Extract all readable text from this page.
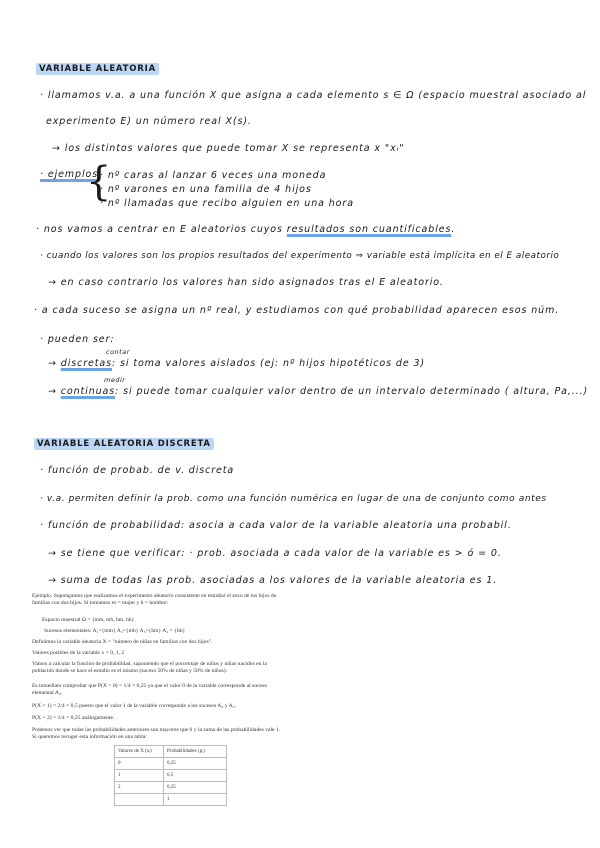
VARIABLE ALEATORIA
· llamamos v.a. a una función X que asigna a cada elemento s ∈ Ω (espacio muestral asociado al
experimento E) un número real X(s).
→ los distintos valores que puede tomar X se representa x "xᵢ"
· ejemplos
{
· nº caras al lanzar 6 veces una moneda
· nº varones en una familia de 4 hijos
· nº llamadas que recibo alguien en una hora
· nos vamos a centrar en E aleatorios cuyos resultados son cuantificables.
· cuando los valores son los propios resultados del experimento ⇒ variable está implícita en el E aleatorio
→ en caso contrario los valores han sido asignados tras el E aleatorio.
· a cada suceso se asigna un nº real, y estudiamos con qué probabilidad aparecen esos núm.
· pueden ser:
contar
→ discretas: si toma valores aislados (ej: nº hijos hipotéticos de 3)
medir
→ continuas: si puede tomar cualquier valor dentro de un intervalo determinado ( altura, Pa,...)
VARIABLE ALEATORIA DISCRETA
· función de probab. de v. discreta
· v.a. permiten definir la prob. como una función numérica en lugar de una de conjunto como antes
· función de probabilidad: asocia a cada valor de la variable aleatoria una probabil.
→ se tiene que verificar: · prob. asociada a cada valor de la variable es > ó = 0.
→ suma de todas las prob. asociadas a los valores de la variable aleatoria es 1.

Ejemplo. Supongamos que realizamos el experimento aleatorio consistente en estudiar el sexo de los hijos de familias con dos hijos. Si tomamos m = mujer y h = hombre:

Espacio muestral Ω = {mm, mh, hm, hh}

Sucesos elementales: A₁={mm} A₂={mh} A₃={hm} A₄ = {hh}

Definimos la variable aleatoria X = "número de niñas en familias con dos hijos".

Valores posibles de la variable x = 0, 1, 2

Vamos a calcular la función de probabilidad, suponiendo que el porcentaje de niños y niñas nacidos en la población donde se hace el estudio es el mismo (suceso 50% de niñas y 50% de niños).

Es inmediato comprobar que P(X = 0) = 1/4 = 0,25 ya que el valor 0 de la variable corresponde al suceso elemental A₄.

P(X = 1) = 2/4 = 0,5 puesto que el valor 1 de la variable corresponde a los sucesos A₂ y A₃.

P(X = 2) = 1/4 = 0,25 análogamente.

Podemos ver que todas las probabilidades anteriores son mayores que 0 y la suma de las probabilidades vale 1. Si queremos recoger esta información en una tabla:

Valores de X (xᵢ)	Probabilidades (pᵢ)
0	0,25
1	0,5
2	0,25
	1
